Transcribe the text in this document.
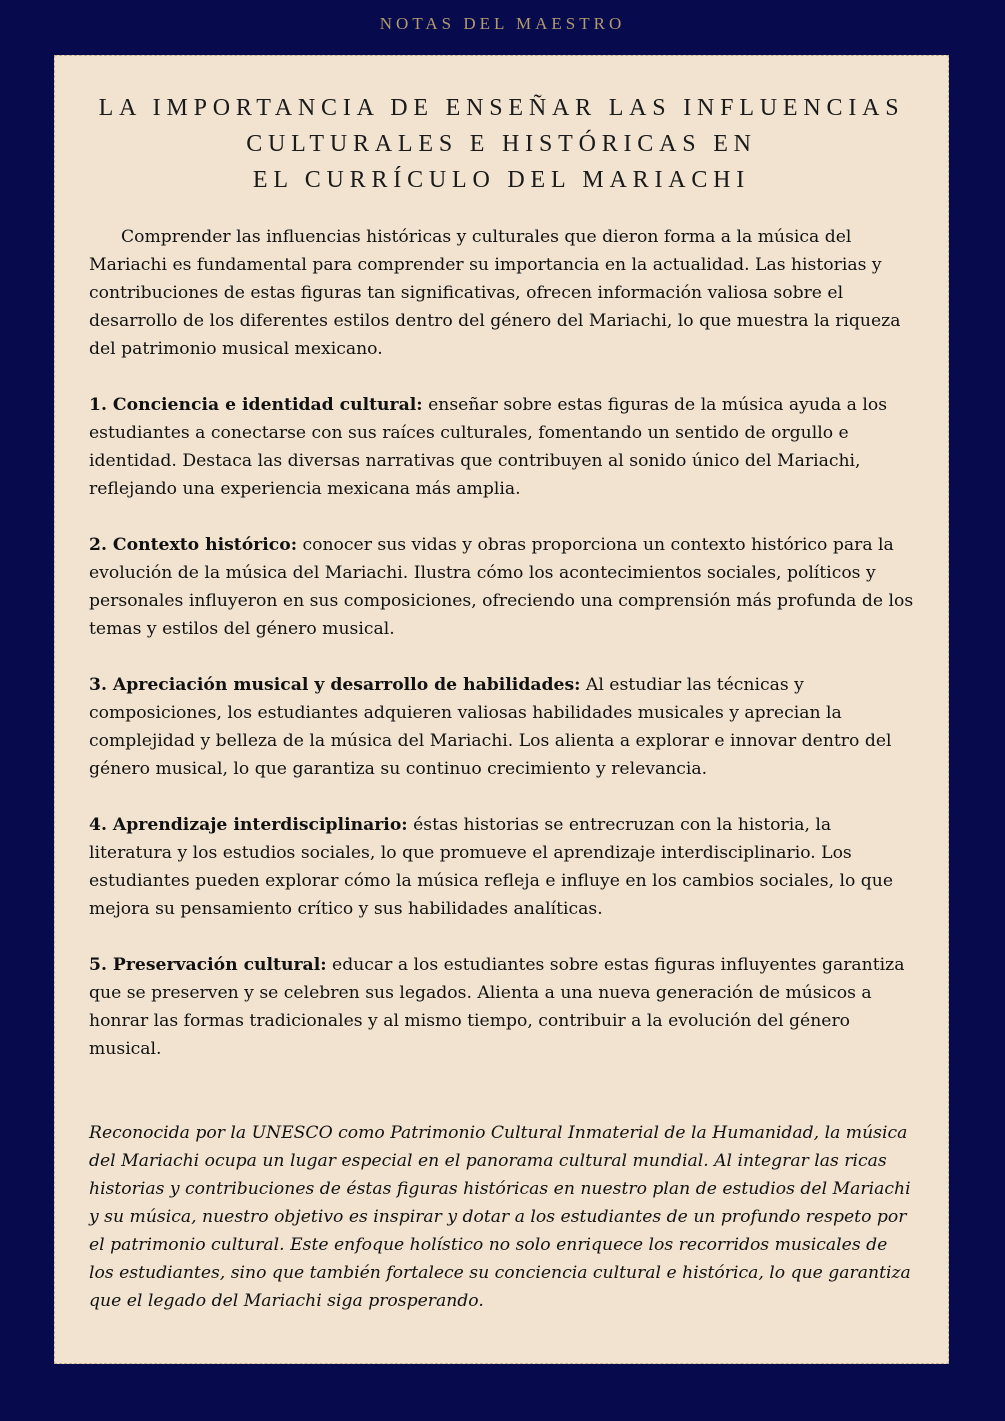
NOTAS DEL MAESTRO
LA IMPORTANCIA DE ENSEÑAR LAS INFLUENCIAS
CULTURALES E HISTÓRICAS EN
EL CURRÍCULO DEL MARIACHI

Comprender las influencias históricas y culturales que dieron forma a la música del Mariachi es fundamental para comprender su importancia en la actualidad. Las historias y contribuciones de estas figuras tan significativas, ofrecen información valiosa sobre el desarrollo de los diferentes estilos dentro del género del Mariachi, lo que muestra la riqueza del patrimonio musical mexicano.

1. Conciencia e identidad cultural: enseñar sobre estas figuras de la música ayuda a los estudiantes a conectarse con sus raíces culturales, fomentando un sentido de orgullo e identidad. Destaca las diversas narrativas que contribuyen al sonido único del Mariachi, reflejando una experiencia mexicana más amplia.

2. Contexto histórico: conocer sus vidas y obras proporciona un contexto histórico para la evolución de la música del Mariachi. Ilustra cómo los acontecimientos sociales, políticos y personales influyeron en sus composiciones, ofreciendo una comprensión más profunda de los temas y estilos del género musical.

3. Apreciación musical y desarrollo de habilidades: Al estudiar las técnicas y composiciones, los estudiantes adquieren valiosas habilidades musicales y aprecian la complejidad y belleza de la música del Mariachi. Los alienta a explorar e innovar dentro del género musical, lo que garantiza su continuo crecimiento y relevancia.

4. Aprendizaje interdisciplinario: éstas historias se entrecruzan con la historia, la literatura y los estudios sociales, lo que promueve el aprendizaje interdisciplinario. Los estudiantes pueden explorar cómo la música refleja e influye en los cambios sociales, lo que mejora su pensamiento crítico y sus habilidades analíticas.

5. Preservación cultural: educar a los estudiantes sobre estas figuras influyentes garantiza que se preserven y se celebren sus legados. Alienta a una nueva generación de músicos a honrar las formas tradicionales y al mismo tiempo, contribuir a la evolución del género musical.

Reconocida por la UNESCO como Patrimonio Cultural Inmaterial de la Humanidad, la música del Mariachi ocupa un lugar especial en el panorama cultural mundial. Al integrar las ricas historias y contribuciones de éstas figuras históricas en nuestro plan de estudios del Mariachi y su música, nuestro objetivo es inspirar y dotar a los estudiantes de un profundo respeto por el patrimonio cultural. Este enfoque holístico no solo enriquece los recorridos musicales de los estudiantes, sino que también fortalece su conciencia cultural e histórica, lo que garantiza que el legado del Mariachi siga prosperando.
